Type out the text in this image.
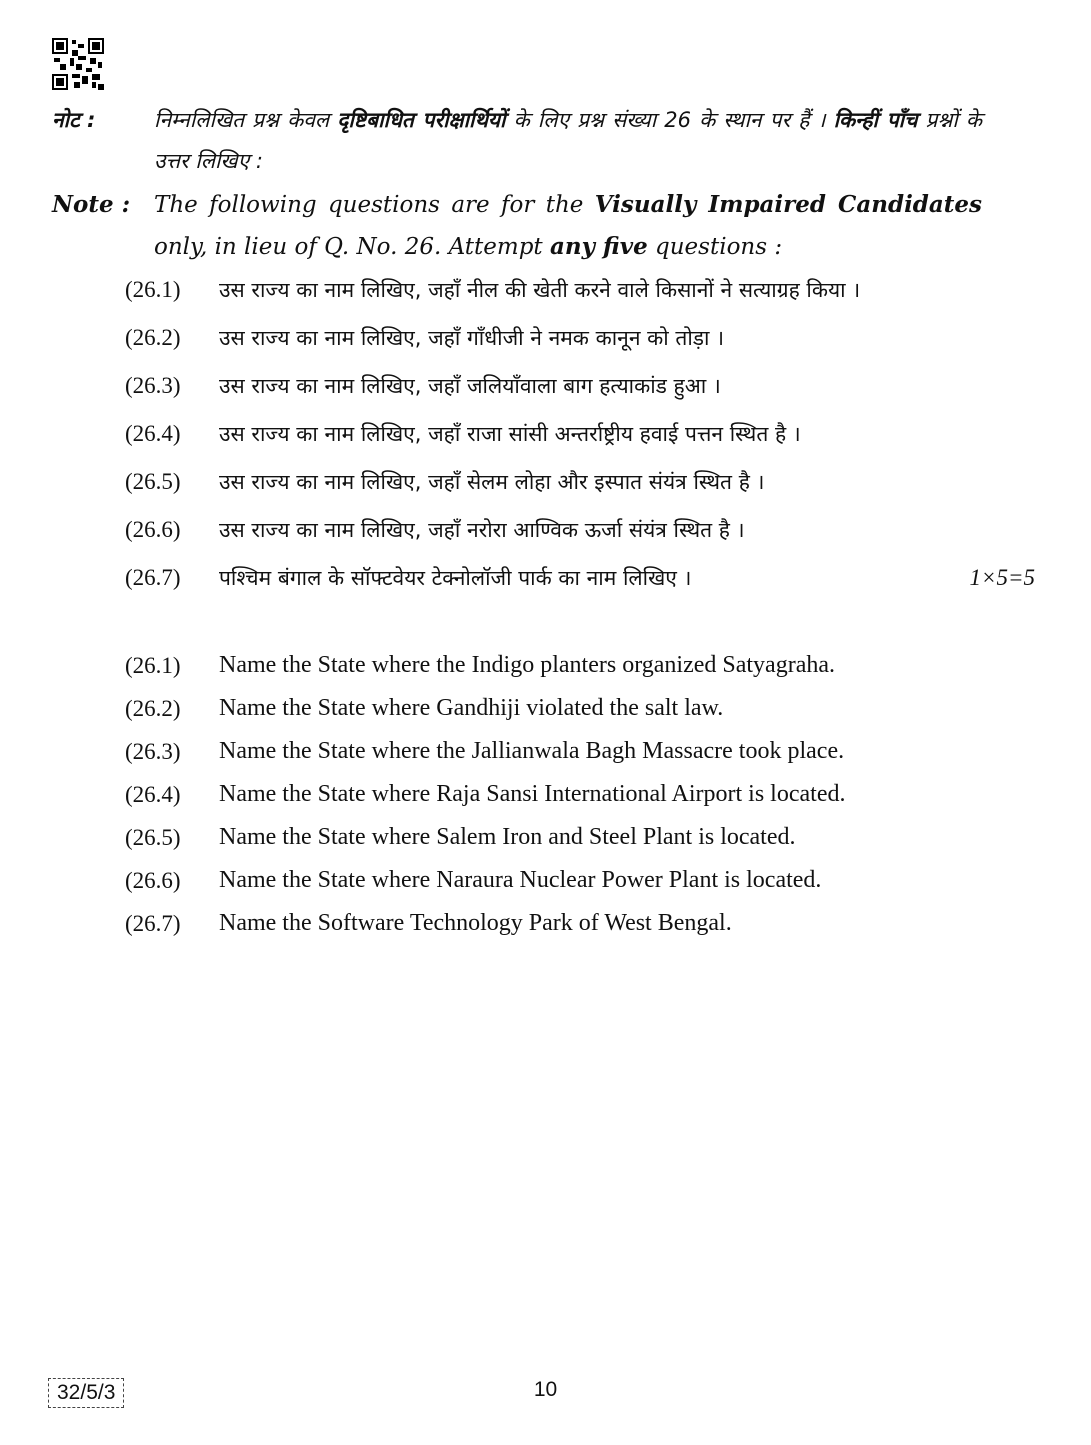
नोट :	निम्नलिखित प्रश्न केवल दृष्टिबाधित परीक्षार्थियों के लिए प्रश्न संख्या 26 के स्थान पर हैं । किन्हीं पाँच प्रश्नों के उत्तर लिखिए :
Note :	The following questions are for the Visually Impaired Candidates only, in lieu of Q. No. 26. Attempt any five questions :
(26.1)	उस राज्य का नाम लिखिए, जहाँ नील की खेती करने वाले किसानों ने सत्याग्रह किया ।
(26.2)	उस राज्य का नाम लिखिए, जहाँ गाँधीजी ने नमक कानून को तोड़ा ।
(26.3)	उस राज्य का नाम लिखिए, जहाँ जलियाँवाला बाग हत्याकांड हुआ ।
(26.4)	उस राज्य का नाम लिखिए, जहाँ राजा सांसी अन्तर्राष्ट्रीय हवाई पत्तन स्थित है ।
(26.5)	उस राज्य का नाम लिखिए, जहाँ सेलम लोहा और इस्पात संयंत्र स्थित है ।
(26.6)	उस राज्य का नाम लिखिए, जहाँ नरोरा आण्विक ऊर्जा संयंत्र स्थित है ।
(26.7)	पश्चिम बंगाल के सॉफ्टवेयर टेक्नोलॉजी पार्क का नाम लिखिए ।	1×5=5
(26.1)	Name the State where the Indigo planters organized Satyagraha.
(26.2)	Name the State where Gandhiji violated the salt law.
(26.3)	Name the State where the Jallianwala Bagh Massacre took place.
(26.4)	Name the State where Raja Sansi International Airport is located.
(26.5)	Name the State where Salem Iron and Steel Plant is located.
(26.6)	Name the State where Naraura Nuclear Power Plant is located.
(26.7)	Name the Software Technology Park of West Bengal.
32/5/3	10
